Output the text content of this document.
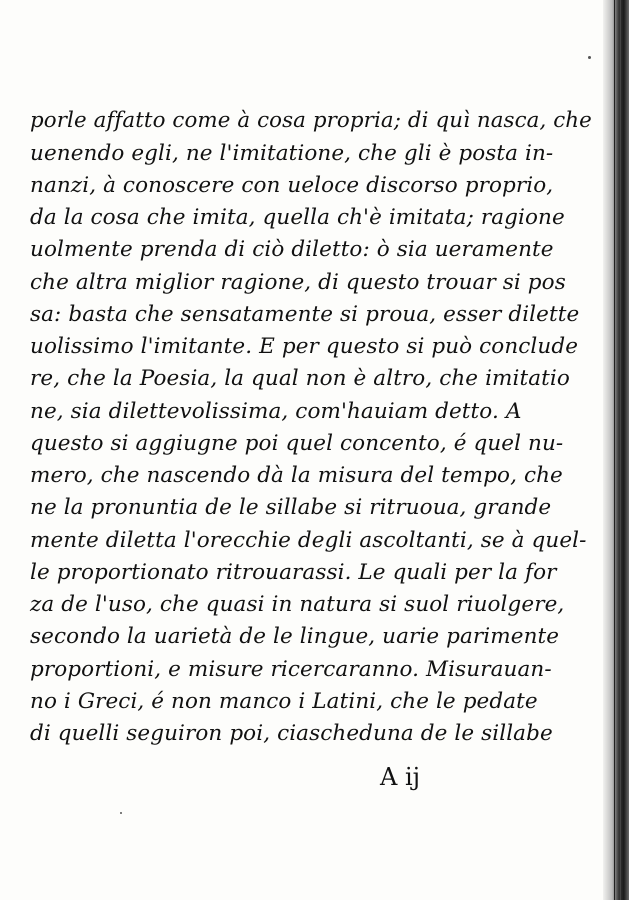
porle affatto come à cosa propria; di quì nasca, che
uenendo egli, ne l'imitatione, che gli è posta in-
nanzi, à conoscere con ueloce discorso proprio,
da la cosa che imita, quella ch'è imitata; ragione
uolmente prenda di ciò diletto: ò sia ueramente
che altra miglior ragione, di questo trouar si pos
sa: basta che sensatamente si proua, esser dilette
uolissimo l'imitante. E per questo si può conclude
re, che la Poesia, la qual non è altro, che imitatio
ne, sia dilettevolissima, com'hauiam detto. A
questo si aggiugne poi quel concento, é quel nu-
mero, che nascendo dà la misura del tempo, che
ne la pronuntia de le sillabe si ritruoua, grande
mente diletta l'orecchie degli ascoltanti, se à quel-
le proportionato ritrouarassi. Le quali per la for
za de l'uso, che quasi in natura si suol riuolgere,
secondo la uarietà de le lingue, uarie parimente
proportioni, e misure ricercaranno. Misurauan-
no i Greci, é non manco i Latini, che le pedate
di quelli seguiron poi, ciascheduna de le sillabe
A ij
